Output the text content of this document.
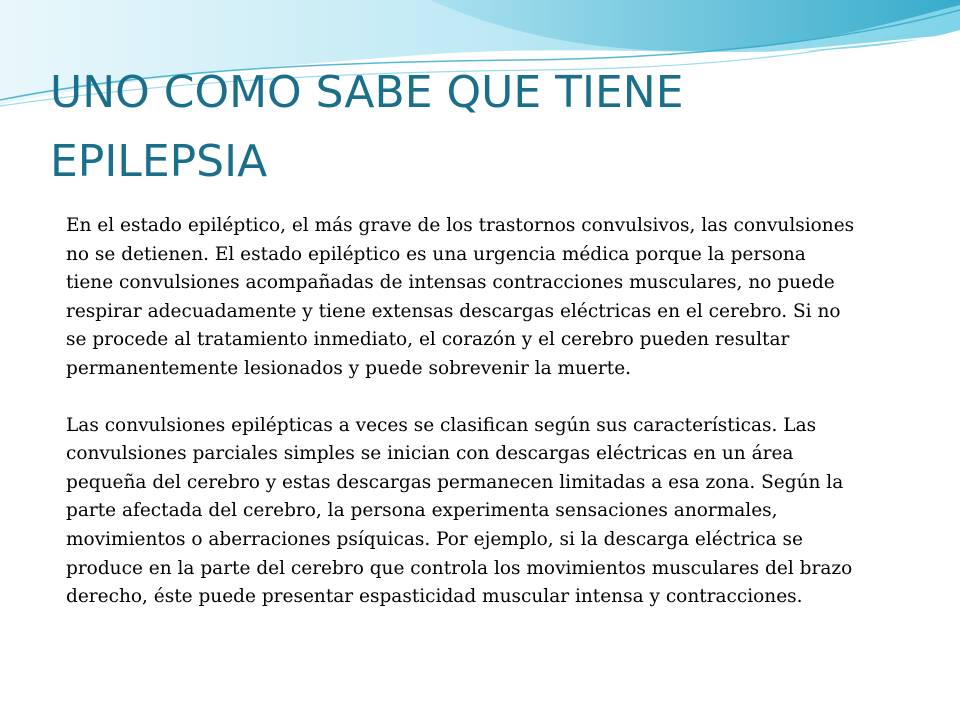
UNO COMO SABE QUE TIENE EPILEPSIA

En el estado epiléptico, el más grave de los trastornos convulsivos, las convulsiones no se detienen. El estado epiléptico es una urgencia médica porque la persona tiene convulsiones acompañadas de intensas contracciones musculares, no puede respirar adecuadamente y tiene extensas descargas eléctricas en el cerebro. Si no se procede al tratamiento inmediato, el corazón y el cerebro pueden resultar permanentemente lesionados y puede sobrevenir la muerte.

Las convulsiones epilépticas a veces se clasifican según sus características. Las convulsiones parciales simples se inician con descargas eléctricas en un área pequeña del cerebro y estas descargas permanecen limitadas a esa zona. Según la parte afectada del cerebro, la persona experimenta sensaciones anormales, movimientos o aberraciones psíquicas. Por ejemplo, si la descarga eléctrica se produce en la parte del cerebro que controla los movimientos musculares del brazo derecho, éste puede presentar espasticidad muscular intensa y contracciones.
